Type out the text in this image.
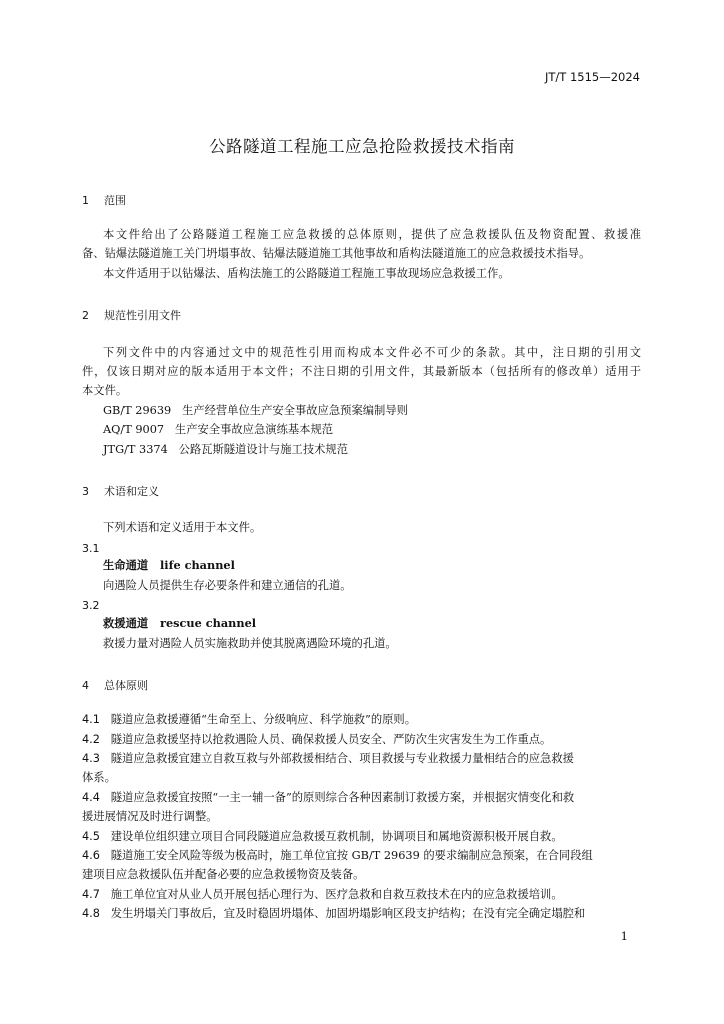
JT/T 1515—2024
公路隧道工程施工应急抢险救援技术指南
1 范围
本文件给出了公路隧道工程施工应急救援的总体原则，提供了应急救援队伍及物资配置、救援准
备、钻爆法隧道施工关门坍塌事故、钻爆法隧道施工其他事故和盾构法隧道施工的应急救援技术指导。
本文件适用于以钻爆法、盾构法施工的公路隧道工程施工事故现场应急救援工作。
2 规范性引用文件
下列文件中的内容通过文中的规范性引用而构成本文件必不可少的条款。其中，注日期的引用文
件，仅该日期对应的版本适用于本文件；不注日期的引用文件，其最新版本（包括所有的修改单）适用于
本文件。
GB/T 29639 生产经营单位生产安全事故应急预案编制导则
AQ/T 9007 生产安全事故应急演练基本规范
JTG/T 3374 公路瓦斯隧道设计与施工技术规范
3 术语和定义
下列术语和定义适用于本文件。
3.1
生命通道 life channel
向遇险人员提供生存必要条件和建立通信的孔道。
3.2
救援通道 rescue channel
救援力量对遇险人员实施救助并使其脱离遇险环境的孔道。
4 总体原则
4.1 隧道应急救援遵循“生命至上、分级响应、科学施救”的原则。
4.2 隧道应急救援坚持以抢救遇险人员、确保救援人员安全、严防次生灾害发生为工作重点。
4.3 隧道应急救援宜建立自救互救与外部救援相结合、项目救援与专业救援力量相结合的应急救援
体系。
4.4 隧道应急救援宜按照“一主一辅一备”的原则综合各种因素制订救援方案，并根据灾情变化和救
援进展情况及时进行调整。
4.5 建设单位组织建立项目合同段隧道应急救援互救机制，协调项目和属地资源积极开展自救。
4.6 隧道施工安全风险等级为极高时，施工单位宜按 GB/T 29639 的要求编制应急预案，在合同段组
建项目应急救援队伍并配备必要的应急救援物资及装备。
4.7 施工单位宜对从业人员开展包括心理行为、医疗急救和自救互救技术在内的应急救援培训。
4.8 发生坍塌关门事故后，宜及时稳固坍塌体、加固坍塌影响区段支护结构；在没有完全确定塌腔和
1
